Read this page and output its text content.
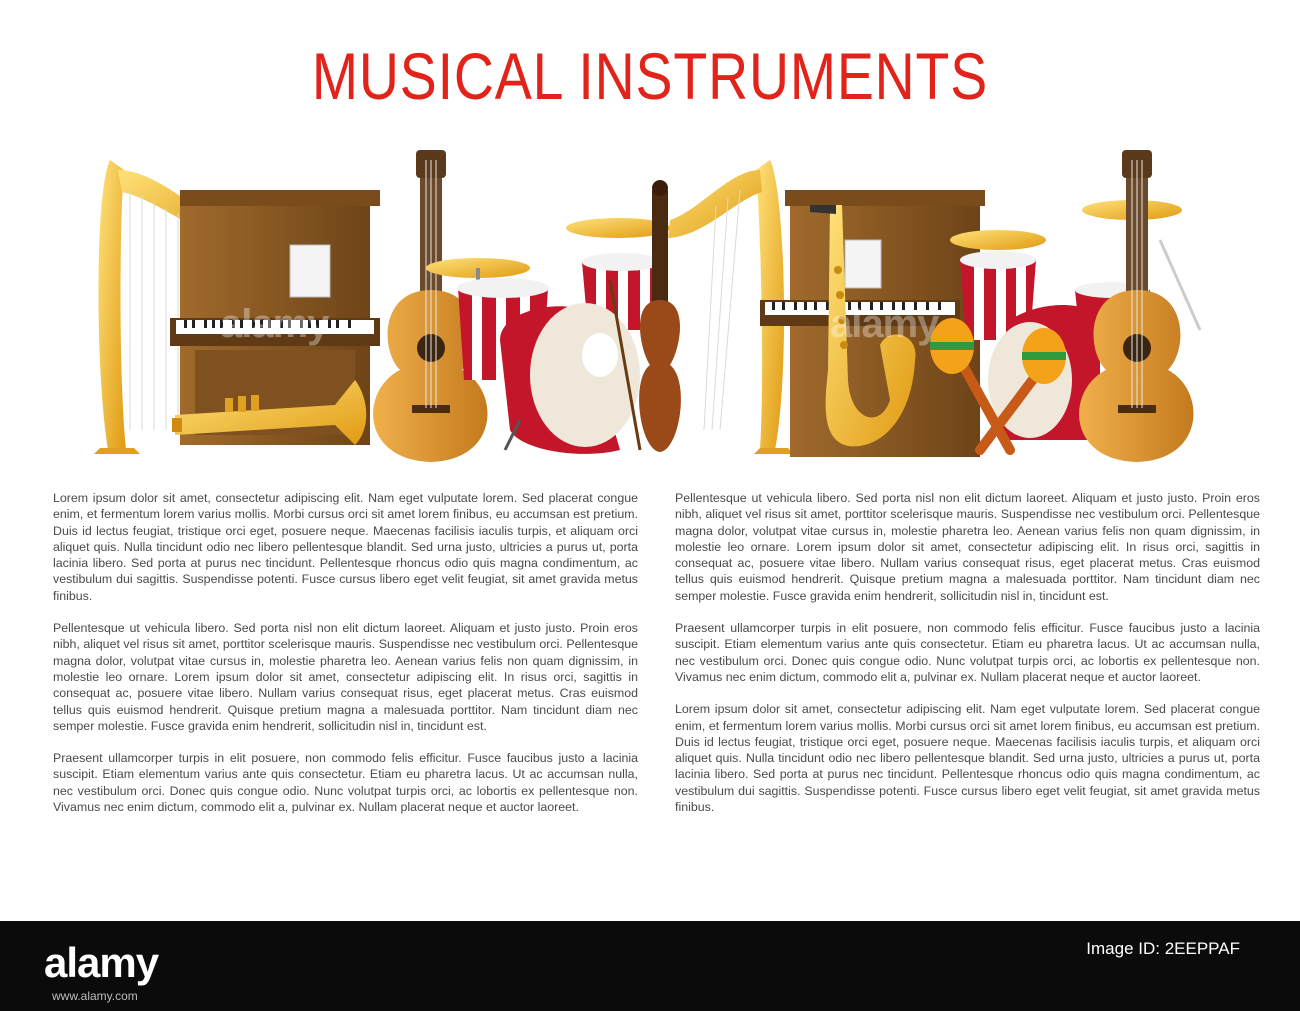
MUSICAL INSTRUMENTS
alamy	alamy

Lorem ipsum dolor sit amet, consectetur adipiscing elit. Nam eget vulputate lorem. Sed placerat congue enim, et fermentum lorem varius mollis. Morbi cursus orci sit amet lorem finibus, eu accumsan est pretium. Duis id lectus feugiat, tristique orci eget, posuere neque. Maecenas facilisis iaculis turpis, et aliquam orci aliquet quis. Nulla tincidunt odio nec libero pellentesque blandit. Sed urna justo, ultricies a purus ut, porta lacinia libero. Sed porta at purus nec tincidunt. Pellentesque rhoncus odio quis magna condimentum, ac vestibulum dui sagittis. Suspendisse potenti. Fusce cursus libero eget velit feugiat, sit amet gravida metus finibus.

Pellentesque ut vehicula libero. Sed porta nisl non elit dictum laoreet. Aliquam et justo justo. Proin eros nibh, aliquet vel risus sit amet, porttitor scelerisque mauris. Suspendisse nec vestibulum orci. Pellentesque magna dolor, volutpat vitae cursus in, molestie pharetra leo. Aenean varius felis non quam dignissim, in molestie leo ornare. Lorem ipsum dolor sit amet, consectetur adipiscing elit. In risus orci, sagittis in consequat ac, posuere vitae libero. Nullam varius consequat risus, eget placerat metus. Cras euismod tellus quis euismod hendrerit. Quisque pretium magna a malesuada porttitor. Nam tincidunt diam nec semper molestie. Fusce gravida enim hendrerit, sollicitudin nisl in, tincidunt est.

Praesent ullamcorper turpis in elit posuere, non commodo felis efficitur. Fusce faucibus justo a lacinia suscipit. Etiam elementum varius ante quis consectetur. Etiam eu pharetra lacus. Ut ac accumsan nulla, nec vestibulum orci. Donec quis congue odio. Nunc volutpat turpis orci, ac lobortis ex pellentesque non. Vivamus nec enim dictum, commodo elit a, pulvinar ex. Nullam placerat neque et auctor laoreet.

Pellentesque ut vehicula libero. Sed porta nisl non elit dictum laoreet. Aliquam et justo justo. Proin eros nibh, aliquet vel risus sit amet, porttitor scelerisque mauris. Suspendisse nec vestibulum orci. Pellentesque magna dolor, volutpat vitae cursus in, molestie pharetra leo. Aenean varius felis non quam dignissim, in molestie leo ornare. Lorem ipsum dolor sit amet, consectetur adipiscing elit. In risus orci, sagittis in consequat ac, posuere vitae libero. Nullam varius consequat risus, eget placerat metus. Cras euismod tellus quis euismod hendrerit. Quisque pretium magna a malesuada porttitor. Nam tincidunt diam nec semper molestie. Fusce gravida enim hendrerit, sollicitudin nisl in, tincidunt est.

Praesent ullamcorper turpis in elit posuere, non commodo felis efficitur. Fusce faucibus justo a lacinia suscipit. Etiam elementum varius ante quis consectetur. Etiam eu pharetra lacus. Ut ac accumsan nulla, nec vestibulum orci. Donec quis congue odio. Nunc volutpat turpis orci, ac lobortis ex pellentesque non. Vivamus nec enim dictum, commodo elit a, pulvinar ex. Nullam placerat neque et auctor laoreet.

Lorem ipsum dolor sit amet, consectetur adipiscing elit. Nam eget vulputate lorem. Sed placerat congue enim, et fermentum lorem varius mollis. Morbi cursus orci sit amet lorem finibus, eu accumsan est pretium. Duis id lectus feugiat, tristique orci eget, posuere neque. Maecenas facilisis iaculis turpis, et aliquam orci aliquet quis. Nulla tincidunt odio nec libero pellentesque blandit. Sed urna justo, ultricies a purus ut, porta lacinia libero. Sed porta at purus nec tincidunt. Pellentesque rhoncus odio quis magna condimentum, ac vestibulum dui sagittis. Suspendisse potenti. Fusce cursus libero eget velit feugiat, sit amet gravida metus finibus.	alamy
alamy
www.alamy.com
Image ID: 2EEPPAF
